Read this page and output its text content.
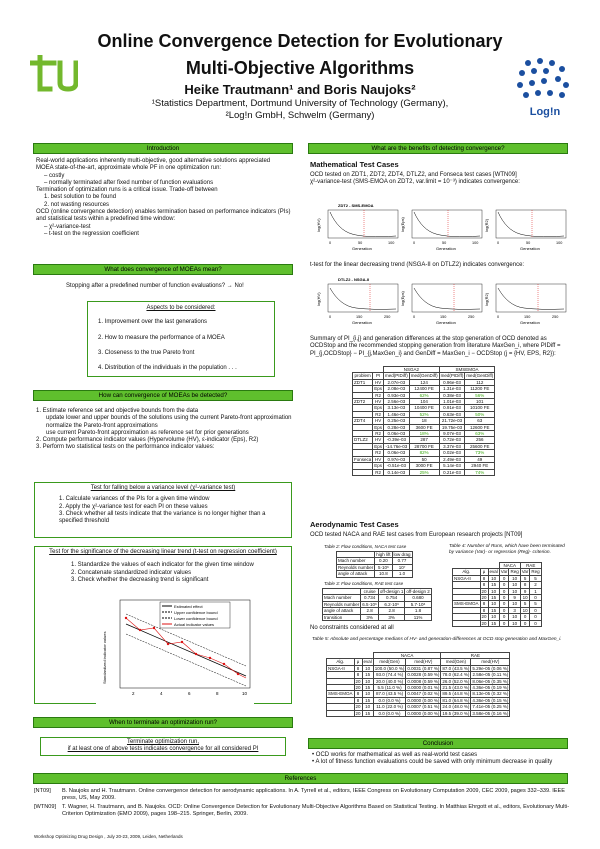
Online Convergence Detection for Evolutionary
Multi-Objective Algorithms
Heike Trautmann¹ and Boris Naujoks²
¹Statistics Department, Dortmund University of Technology (Germany),
²Log!n GmbH, Schwelm (Germany)	Log!n
Introduction
Real-world applications inherently multi-objective, good alternative solutions appreciated
MOEA state-of-the-art, approximate whole PF in one optimization run:
– costly
– normally terminated after fixed number of function evaluations
Termination of optimization runs is a critical issue. Trade-off between
1. best solution to be found
2. not wasting resources
OCD (online convergence detection) enables termination based on performance indicators (PIs) and statistical tests within a predefined time window:
– χ²-variance-test
– t-test on the regression coefficient
What does convergence of MOEAs mean?
Stopping after a predefined number of function evaluations? → No!
Aspects to be considered:
1. Improvement over the last generations
2. How to measure the performance of a MOEA
3. Closeness to the true Pareto front
4. Distribution of the individuals in the population . . .
How can convergence of MOEAs be detected?
1. Estimate reference set and objective bounds from the data
update lower and upper bounds of the solutions using the current Pareto-front approximation
normalize the Pareto-front approximations
use current Pareto-front approximation as reference set for prior generations
2. Compute performance indicator values (Hypervolume (HV), ε-indicator (Eps), R2)
3. Perform two statistical tests on the performance indicator values:
Test for falling below a variance level (χ²-variance test)
1. Calculate variances of the PIs for a given time window
2. Apply the χ²-variance test for each PI on these values
3. Check whether all tests indicate that the variance is no longer higher than a specified threshold
Test for the significance of the decreasing linear trend (t-test on regression coefficient)
1. Standardize the values of each indicator for the given time window
2. Concatenate standardized indicator values
3. Check whether the decreasing trend is significant
Estimated effect
Upper confidence bound
Lower confidence bound
Actual indicator values
Standardized indicator values
2	4	6	8	10
When to terminate an optimization run?
Terminate optimization run,
if at least one of above tests indicates convergence for all considered PI
What are the benefits of detecting convergence?
Mathematical Test Cases
OCD tested on ZDT1, ZDT2, ZDT4, DTLZ2, and Fonseca test cases [WTN09]
χ²-variance-test (SMS-EMOA on ZDT2, var.limit = 10⁻³) indicates convergence:
ZDT2 - SMS-EMOA
log(HV)
Generation
0	50	100
log(Eps)
Generation
0	50	100
log(R2)
Generation
0	50	100
t-test for the linear decreasing trend (NSGA-II on DTLZ2) indicates convergence:
DTLZ2 - NSGA-II
log(HV)
Generation
0	150	250
log(Eps)
Generation
0	150	250
log(R2)
Generation
0	150	250
Summary of PI_{i,j} and generation differences at the stop generation of OCD denoted as OCDStop and the recommended stopping generation from literature MaxGen_i, where PIDiff = PI_{j,OCDStop} − PI_{j,MaxGen_i} and GenDiff = MaxGen_i − OCDStop (j = {HV, EPS, R2}):
		NSGA2		SMSEMOA	
problem	PI	med(PIDiff)	med(GenDiff)	med(PIDiff)	med(GenDiff)
ZDT1	HV	2.07e-03	124	0.96e-03	112
	Eps	2.08e-03	12400 FE	1.31e-03	11200 FE
	R2	0.93e-03	62%	0.38e-03	56%
ZDT2	HV	2.56e-03	104	1.01e-03	101
	Eps	3.13e-03	10400 FE	0.91e-03	10100 FE
	R2	1.46e-03	52%	0.63e-03	50%
ZDT4	HV	0.25e-03	18	21.72e-03	63
	Eps	0.28e-03	3600 FE	19.75e-03	12600 FE
	R2	0.06e-03	18%	9.07e-03	63%
DTLZ2	HV	-0.39e-03	287	0.72e-03	256
	Eps	-14.76e-03	28700 FE	3.37e-03	25600 FE
	R2	0.06e-03	82%	0.02e-03	73%
Fonseca	HV	0.97e-03	50	2.49e-03	49
	Eps	-0.51e-03	3000 FE	5.14e-03	2940 FE
	R2	0.14e-03	25%	0.21e-03	74%
Aerodynamic Test Cases
OCD tested NACA and RAE test cases from European research projects [NT09]
Table 2: Flow conditions, NACA test case
	high lift	low drag
Mach number	0.20	0.77
Reynolds number	5·10⁶	10⁷
angle of attack	10.8	1.0
Table 3: Flow conditions, RAE test case
	cruise	off-design 1	off-design 2
Mach number	0.734	0.754	0.680
Reynolds number	6.5·10⁶	6.2·10⁶	5.7·10⁶
angle of attack	2.8	2.8	1.8
transition	3%	3%	11%
No constraints considered at all
Table 4: Number of Runs, which have been terminated by variance (Var)- or regression (Reg)- criterion.
			NACA		RAE	
Alg.	μ	eval	Var	Reg	Var	Reg
NSGA-II	8	10	0	10	5	5
	8	15	0	10	8	2
	20	10	0	10	9	1
	20	15	0	9	10	0
SMS-EMOA	8	10	0	10	5	5
	8	15	0	3	10	0
	20	10	0	10	0	0
	20	15	0	10	0	0
Table 5: Absolute and percentage medians of HV- and generation-differences at OCD stop generation and MaxGen_i.
			NACA		RAE	
Alg.	μ	eval	med(Gen)	med(HV)	med(Gen)	med(HV)
NSGA-II	8	10	100.0 (50.0 %)	0.0031 (0.87 %)	87.0 (43.5 %)	5.29e-05 (0.06 %)
	8	15	93.0 (74.4 %)	0.0028 (0.59 %)	78.0 (62.4 %)	2.58e-05 (0.11 %)
	20	10	20.0 (40.0 %)	0.0008 (0.59 %)	26.0 (52.0 %)	8.06e-05 (0.35 %)
	20	15	5.5 (11.0 %)	0.0000 (0.01 %)	21.5 (43.0 %)	4.36e-05 (0.19 %)
SMS-EMOA	8	10	87.0 (43.5 %)	0.0047 (0.02 %)	89.5 (44.8 %)	8.13e-05 (0.32 %)
	8	15	0.0 (0.0 %)	0.0000 (0.00 %)	81.0 (64.8 %)	4.36e-05 (0.15 %)
	20	10	11.0 (22.0 %)	0.0007 (0.51 %)	24.0 (48.0 %)	7.41e-05 (0.25 %)
	20	15	0.0 (0.0 %)	0.0000 (0.00 %)	19.5 (39.0 %)	3.58e-05 (0.16 %)
Conclusion
• OCD works for mathematical as well as real-world test cases
• A lot of fitness function evaluations could be saved with only minimum decrease in quality
References
[NT09]	B. Naujoks and H. Trautmann. Online convergence detection for aerodynamic applications. In A. Tyrrell et al., editors, IEEE Congress on Evolutionary Computation 2009, CEC 2009, pages 332–339. IEEE press, US, May 2009.
[WTN09]	T. Wagner, H. Trautmann, and B. Naujoks. OCD: Online Convergence Detection for Evolutionary Multi-Objective Algorithms Based on Statistical Testing. In Matthias Ehrgott et al., editors, Evolutionary Multi-Criterion Optimization (EMO 2009), pages 198–215. Springer, Berlin, 2009.
Workshop Optimizing Drug Design , July 20-23, 2009, Leiden, Netherlands
